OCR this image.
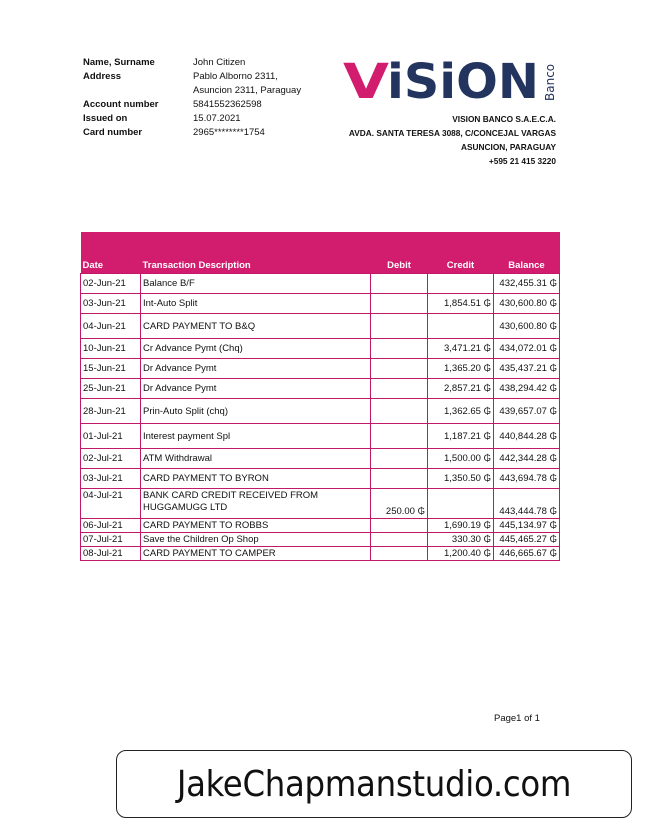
Name, Surname	John Citizen
Address	Pablo Alborno 2311,
Asuncion 2311, Paraguay
Account number	5841552362598
Issued on	15.07.2021
Card number	2965********1754
V
iSiON Banco
VISION BANCO S.A.E.C.A.
AVDA. SANTA TERESA 3088, C/CONCEJAL VARGAS
ASUNCION, PARAGUAY
+595 21 415 3220

Date	Transaction Description	Debit	Credit	Balance
02-Jun-21	Balance B/F			432,455.31 ₲
03-Jun-21	Int-Auto Split		1,854.51 ₲	430,600.80 ₲
04-Jun-21	CARD PAYMENT TO B&Q			430,600.80 ₲
10-Jun-21	Cr Advance Pymt (Chq)		3,471.21 ₲	434,072.01 ₲
15-Jun-21	Dr Advance Pymt		1,365.20 ₲	435,437.21 ₲
25-Jun-21	Dr Advance Pymt		2,857.21 ₲	438,294.42 ₲
28-Jun-21	Prin-Auto Split (chq)		1,362.65 ₲	439,657.07 ₲
01-Jul-21	Interest payment Spl		1,187.21 ₲	440,844.28 ₲
02-Jul-21	ATM Withdrawal		1,500.00 ₲	442,344.28 ₲
03-Jul-21	CARD PAYMENT TO BYRON		1,350.50 ₲	443,694.78 ₲
04-Jul-21	BANK CARD CREDIT RECEIVED FROM HUGGAMUGG LTD	250.00 ₲		443,444.78 ₲
06-Jul-21	CARD PAYMENT TO ROBBS		1,690.19 ₲	445,134.97 ₲
07-Jul-21	Save the Children Op Shop		330.30 ₲	445,465.27 ₲
08-Jul-21	CARD PAYMENT TO CAMPER		1,200.40 ₲	446,665.67 ₲
Page1 of 1
JakeChapmanstudio.com
